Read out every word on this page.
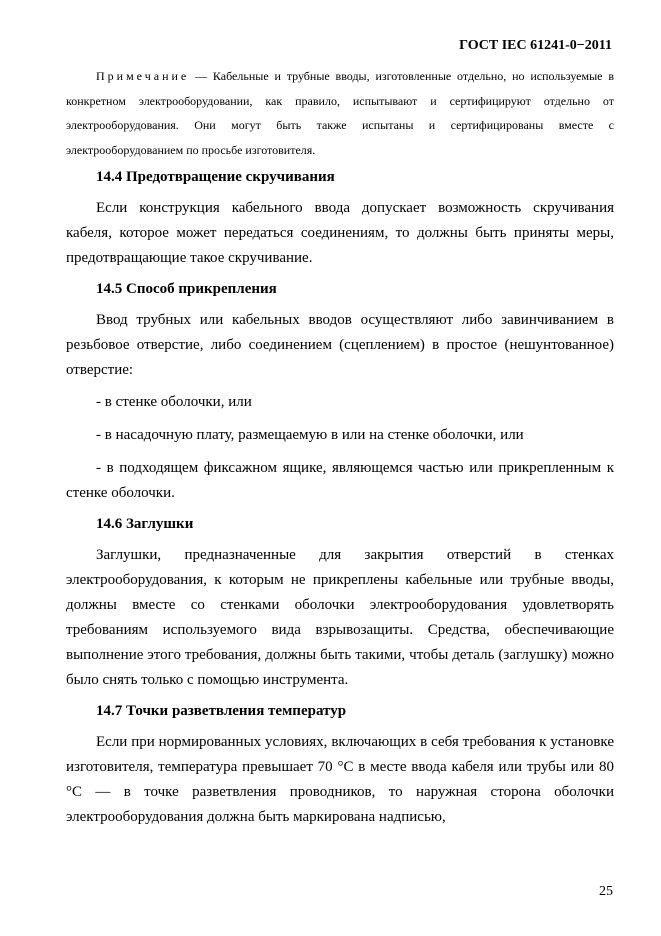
ГОСТ IEC 61241-0−2011

Примечание — Кабельные и трубные вводы, изготовленные отдельно, но используемые в конкретном электрооборудовании, как правило, испытывают и сертифицируют отдельно от электрооборудования. Они могут быть также испытаны и сертифицированы вместе с электрооборудованием по просьбе изготовителя.

14.4 Предотвращение скручивания

Если конструкция кабельного ввода допускает возможность скручивания кабеля, которое может передаться соединениям, то должны быть приняты меры, предотвращающие такое скручивание.

14.5 Способ прикрепления

Ввод трубных или кабельных вводов осуществляют либо завинчиванием в резьбовое отверстие, либо соединением (сцеплением) в простое (нешунтованное) отверстие:

- в стенке оболочки, или

- в насадочную плату, размещаемую в или на стенке оболочки, или

- в подходящем фиксажном ящике, являющемся частью или прикрепленным к стенке оболочки.

14.6 Заглушки

Заглушки, предназначенные для закрытия отверстий в стенках электрооборудования, к которым не прикреплены кабельные или трубные вводы, должны вместе со стенками оболочки электрооборудования удовлетворять требованиям используемого вида взрывозащиты. Средства, обеспечивающие выполнение этого требования, должны быть такими, чтобы деталь (заглушку) можно было снять только с помощью инструмента.

14.7 Точки разветвления температур

Если при нормированных условиях, включающих в себя требования к установке изготовителя, температура превышает 70 °С в месте ввода кабеля или трубы или 80 °С — в точке разветвления проводников, то наружная сторона оболочки электрооборудования должна быть маркирована надписью,

25
